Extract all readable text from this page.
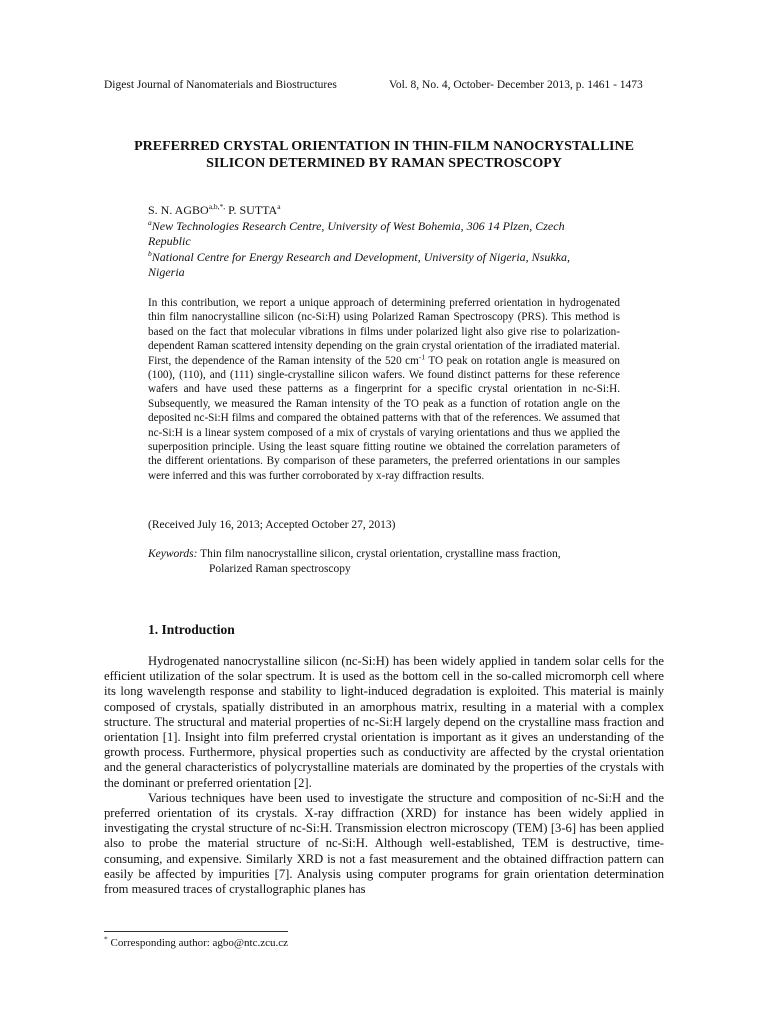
Digest Journal of Nanomaterials and Biostructures	Vol. 8, No. 4, October- December 2013, p. 1461 - 1473
PREFERRED CRYSTAL ORIENTATION IN THIN-FILM NANOCRYSTALLINE
SILICON DETERMINED BY RAMAN SPECTROSCOPY
S. N. $AGBO^{a,b,*,}$ P. SUTTA$^a$
$^a$New Technologies Research Centre, University of West Bohemia, 306 14 Plzen, Czech Republic
$^b$National Centre for Energy Research and Development, University of Nigeria, Nsukka, Nigeria
In this contribution, we report a unique approach of determining preferred orientation in hydrogenated thin film nanocrystalline silicon (nc-Si:H) using Polarized Raman Spectroscopy (PRS). This method is based on the fact that molecular vibrations in films under polarized light also give rise to polarization-dependent Raman scattered intensity depending on the grain crystal orientation of the irradiated material. First, the dependence of the Raman intensity of the 520 $cm^{-1}$ TO peak on rotation angle is measured on (100), (110), and (111) single-crystalline silicon wafers. We found distinct patterns for these reference wafers and have used these patterns as a fingerprint for a specific crystal orientation in nc-Si:H. Subsequently, we measured the Raman intensity of the TO peak as a function of rotation angle on the deposited nc-Si:H films and compared the obtained patterns with that of the references. We assumed that nc-Si:H is a linear system composed of a mix of crystals of varying orientations and thus we applied the superposition principle. Using the least square fitting routine we obtained the correlation parameters of the different orientations. By comparison of these parameters, the preferred orientations in our samples were inferred and this was further corroborated by x-ray diffraction results.
(Received July 16, 2013; Accepted October 27, 2013)
Keywords: Thin film nanocrystalline silicon, crystal orientation, crystalline mass fraction,
Polarized Raman spectroscopy
1. Introduction

Hydrogenated nanocrystalline silicon (nc-Si:H) has been widely applied in tandem solar cells for the efficient utilization of the solar spectrum. It is used as the bottom cell in the so-called micromorph cell where its long wavelength response and stability to light-induced degradation is exploited. This material is mainly composed of crystals, spatially distributed in an amorphous matrix, resulting in a material with a complex structure. The structural and material properties of nc-Si:H largely depend on the crystalline mass fraction and orientation [1]. Insight into film preferred crystal orientation is important as it gives an understanding of the growth process. Furthermore, physical properties such as conductivity are affected by the crystal orientation and the general characteristics of polycrystalline materials are dominated by the properties of the crystals with the dominant or preferred orientation [2].

Various techniques have been used to investigate the structure and composition of nc-Si:H and the preferred orientation of its crystals. X-ray diffraction (XRD) for instance has been widely applied in investigating the crystal structure of nc-Si:H. Transmission electron microscopy (TEM) [3-6] has been applied also to probe the material structure of nc-Si:H. Although well-established, TEM is destructive, time-consuming, and expensive. Similarly XRD is not a fast measurement and the obtained diffraction pattern can easily be affected by impurities [7]. Analysis using computer programs for grain orientation determination from measured traces of crystallographic planes has

* Corresponding author: agbo@ntc.zcu.cz
